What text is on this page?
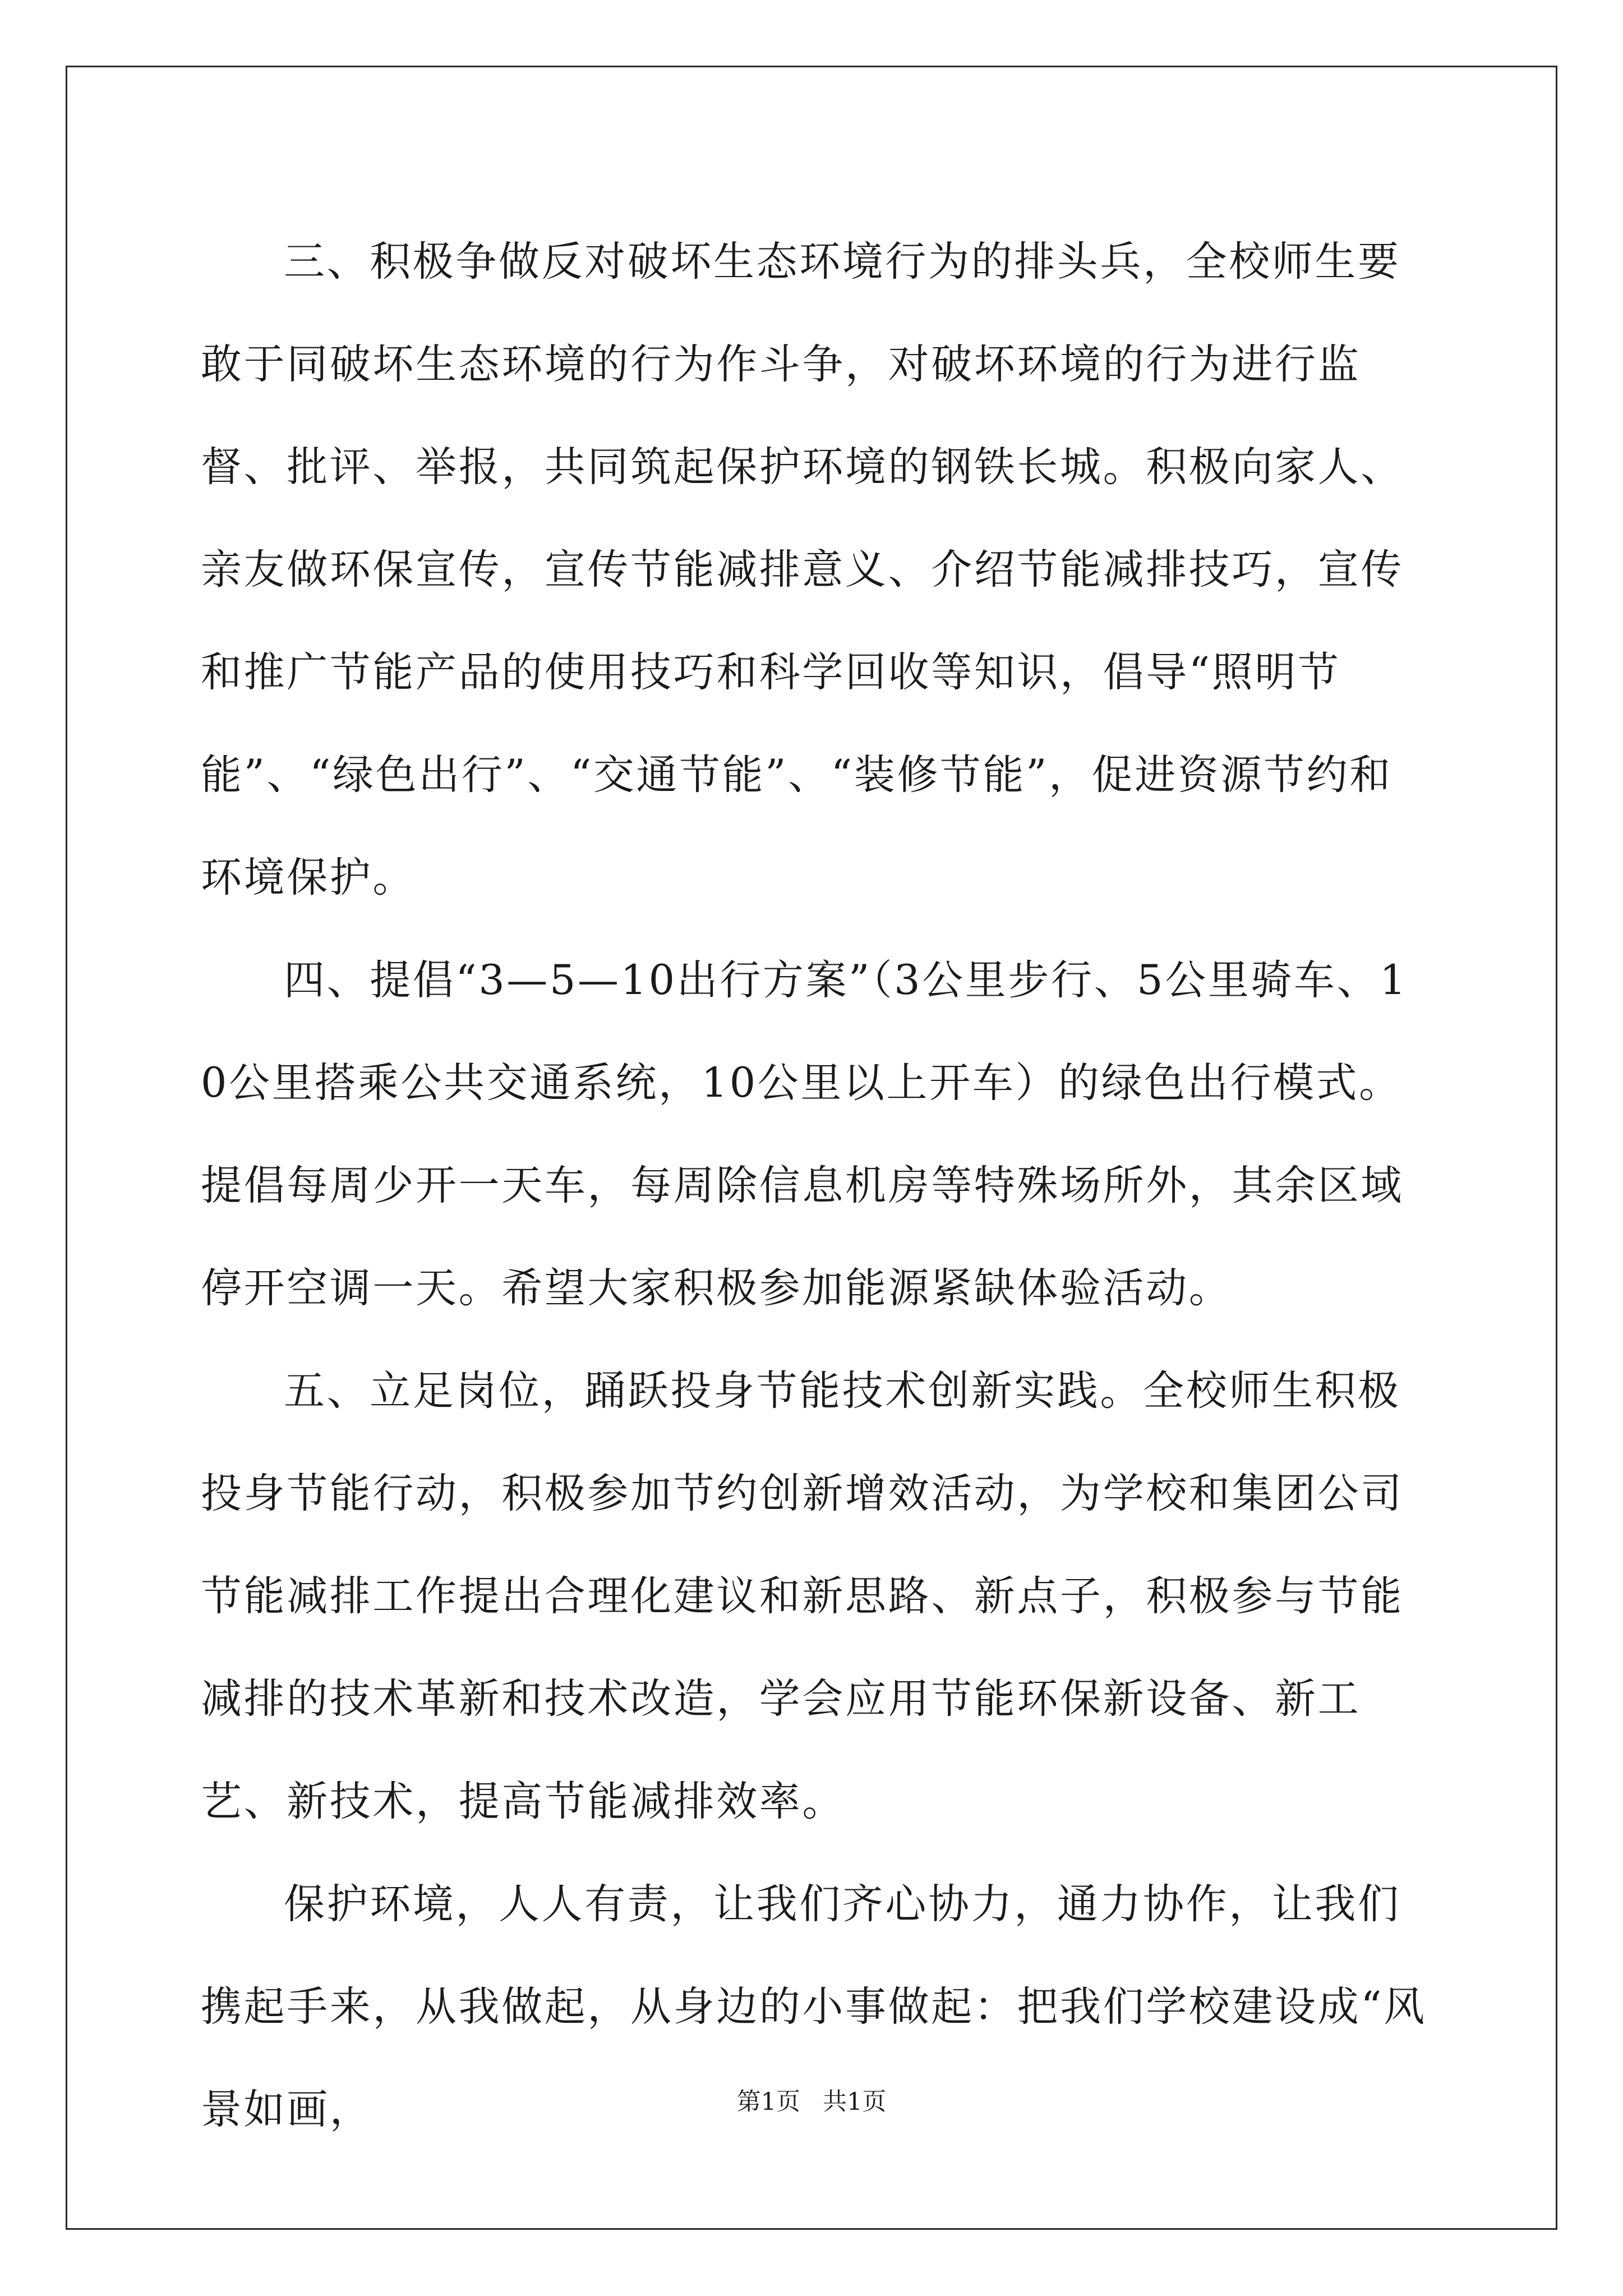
三、积极争做反对破坏生态环境行为的排头兵，全校师生要敢于同破坏生态环境的行为作斗争，对破坏环境的行为进行监督、批评、举报，共同筑起保护环境的钢铁长城。积极向家人、亲友做环保宣传，宣传节能减排意义、介绍节能减排技巧，宣传和推广节能产品的使用技巧和科学回收等知识，倡导“照明节能”、“绿色出行”、“交通节能”、“装修节能”，促进资源节约和环境保护。

四、提倡“3—5—10出行方案”（3公里步行、5公里骑车、10公里搭乘公共交通系统，10公里以上开车）的绿色出行模式。提倡每周少开一天车，每周除信息机房等特殊场所外，其余区域停开空调一天。希望大家积极参加能源紧缺体验活动。

五、立足岗位，踊跃投身节能技术创新实践。全校师生积极投身节能行动，积极参加节约创新增效活动，为学校和集团公司节能减排工作提出合理化建议和新思路、新点子，积极参与节能减排的技术革新和技术改造，学会应用节能环保新设备、新工艺、新技术，提高节能减排效率。

保护环境，人人有责，让我们齐心协力，通力协作，让我们携起手来，从我做起，从身边的小事做起：把我们学校建设成“风景如画，	第1页 共1页
